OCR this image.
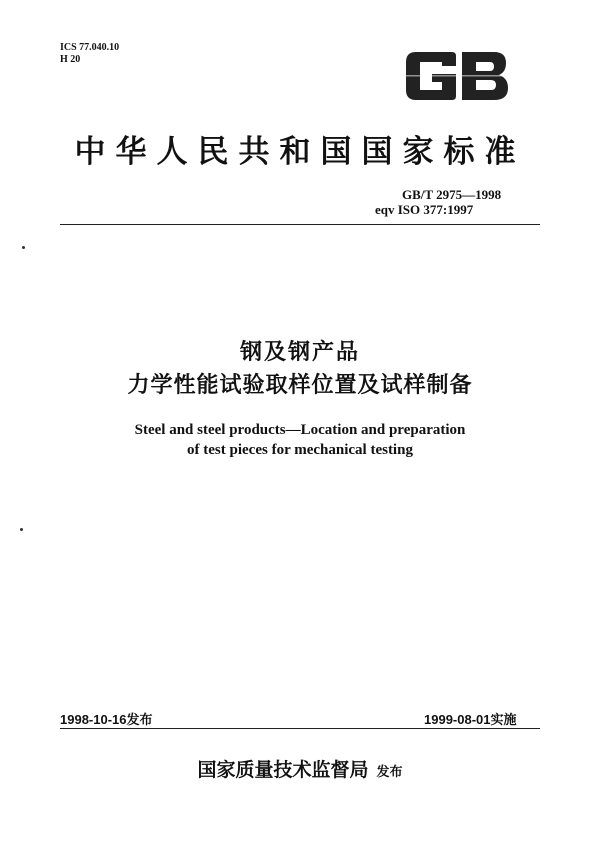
ICS 77.040.10
H 20
中华人民共和国国家标准
GB/T 2975—1998
eqv ISO 377:1997
钢及钢产品
力学性能试验取样位置及试样制备
Steel and steel products—Location and preparation
of test pieces for mechanical testing
1998-10-16发布	1999-08-01实施
国家质量技术监督局 发布
